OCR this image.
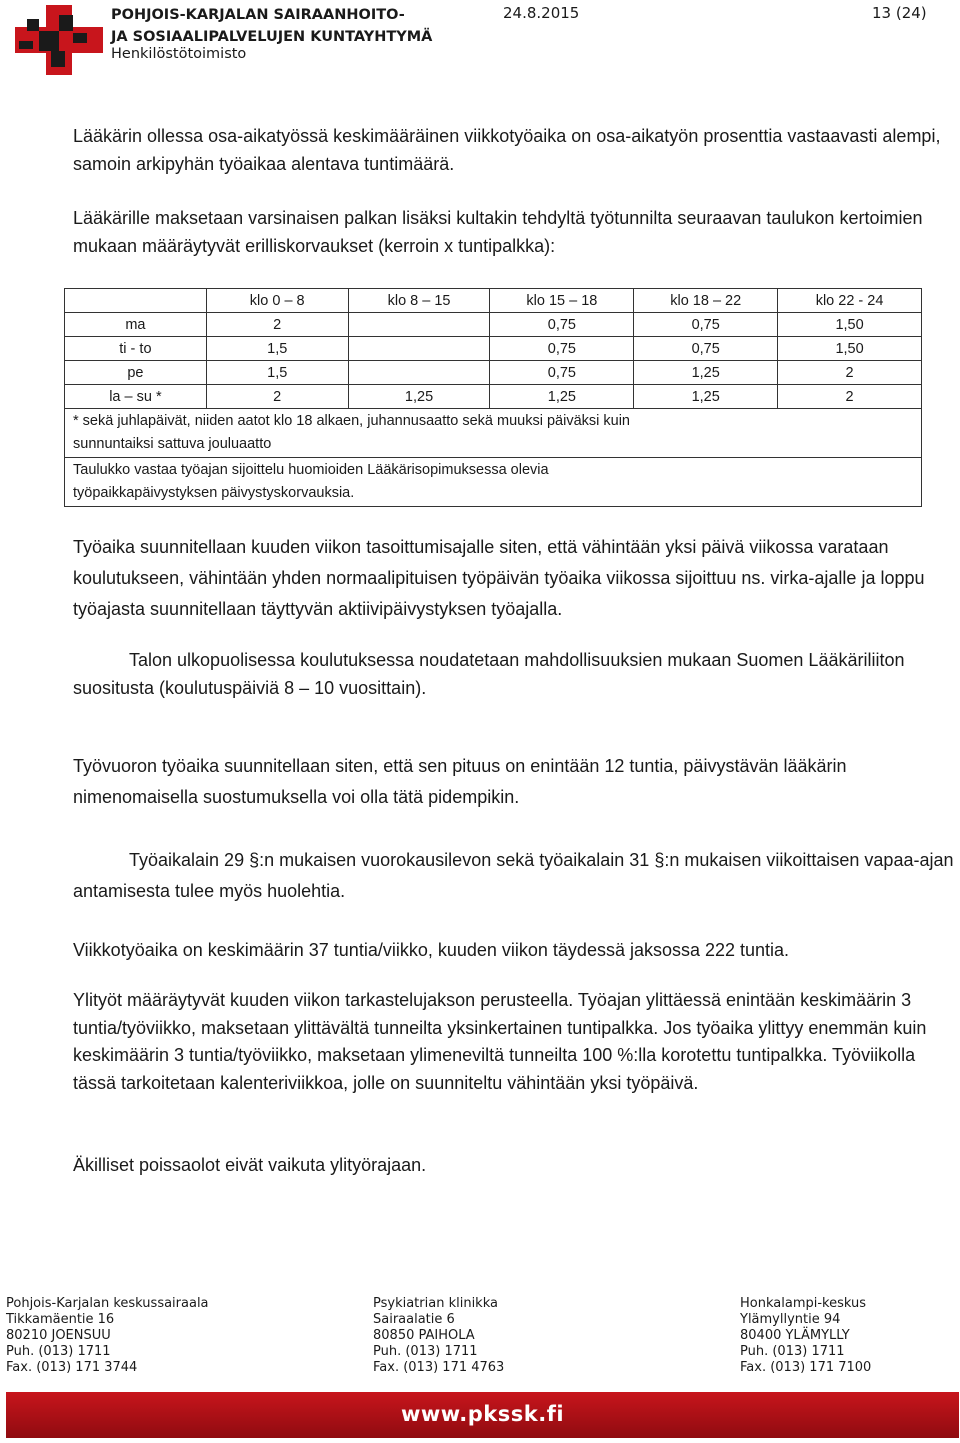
POHJOIS-KARJALAN SAIRAANHOITO-
JA SOSIAALIPALVELUJEN KUNTAYHTYMÄ
Henkilöstötoimisto
24.8.2015	13 (24)

Lääkärin ollessa osa-aikatyössä keskimääräinen viikkotyöaika on osa-aikatyön prosenttia vastaavasti alempi, samoin arkipyhän työaikaa alentava tuntimäärä.

Lääkärille maksetaan varsinaisen palkan lisäksi kultakin tehdyltä työtunnilta seuraavan taulukon kertoimien mukaan määräytyvät erilliskorvaukset (kerroin x tuntipalkka):

	klo 0 – 8	klo 8 – 15	klo 15 – 18	klo 18 – 22	klo 22 - 24
ma	2		0,75	0,75	1,50
ti - to	1,5		0,75	0,75	1,50
pe	1,5		0,75	1,25	2
la – su *	2	1,25	1,25	1,25	2

* sekä juhlapäivät, niiden aatot klo 18 alkaen, juhannusaatto sekä muuksi päiväksi kuin
sunnuntaiksi sattuva jouluaatto					

Taulukko vastaa työajan sijoittelu huomioiden Lääkärisopimuksessa olevia
työpaikkapäivystyksen päivystyskorvauksia.					

Työaika suunnitellaan kuuden viikon tasoittumisajalle siten, että vähintään yksi päivä viikossa varataan koulutukseen, vähintään yhden normaalipituisen työpäivän työaika viikossa sijoittuu ns. virka-ajalle ja loppu työajasta suunnitellaan täyttyvän aktiivipäivystyksen työajalla.

Talon ulkopuolisessa koulutuksessa noudatetaan mahdollisuuksien mukaan Suomen Lääkäriliiton suositusta (koulutuspäiviä 8 – 10 vuosittain).

Työvuoron työaika suunnitellaan siten, että sen pituus on enintään 12 tuntia, päivystävän lääkärin nimenomaisella suostumuksella voi olla tätä pidempikin.

Työaikalain 29 §:n mukaisen vuorokausilevon sekä työaikalain 31 §:n mukaisen viikoittaisen vapaa-ajan antamisesta tulee myös huolehtia.

Viikkotyöaika on keskimäärin 37 tuntia/viikko, kuuden viikon täydessä jaksossa 222 tuntia.

Ylityöt määräytyvät kuuden viikon tarkastelujakson perusteella. Työajan ylittäessä enintään keskimäärin 3 tuntia/työviikko, maksetaan ylittävältä tunneilta yksinkertainen tuntipalkka. Jos työaika ylittyy enemmän kuin keskimäärin 3 tuntia/työviikko, maksetaan ylimeneviltä tunneilta 100 %:lla korotettu tuntipalkka. Työviikolla tässä tarkoitetaan kalenteriviikkoa, jolle on suunniteltu vähintään yksi työpäivä.

Äkilliset poissaolot eivät vaikuta ylityörajaan.

Pohjois-Karjalan keskussairaala
Tikkamäentie 16
80210 JOENSUU
Puh. (013) 1711
Fax. (013) 171 3744
Psykiatrian klinikka
Sairaalatie 6
80850 PAIHOLA
Puh. (013) 1711
Fax. (013) 171 4763
Honkalampi-keskus
Ylämyllyntie 94
80400 YLÄMYLLY
Puh. (013) 1711
Fax. (013) 171 7100
www.pkssk.fi
